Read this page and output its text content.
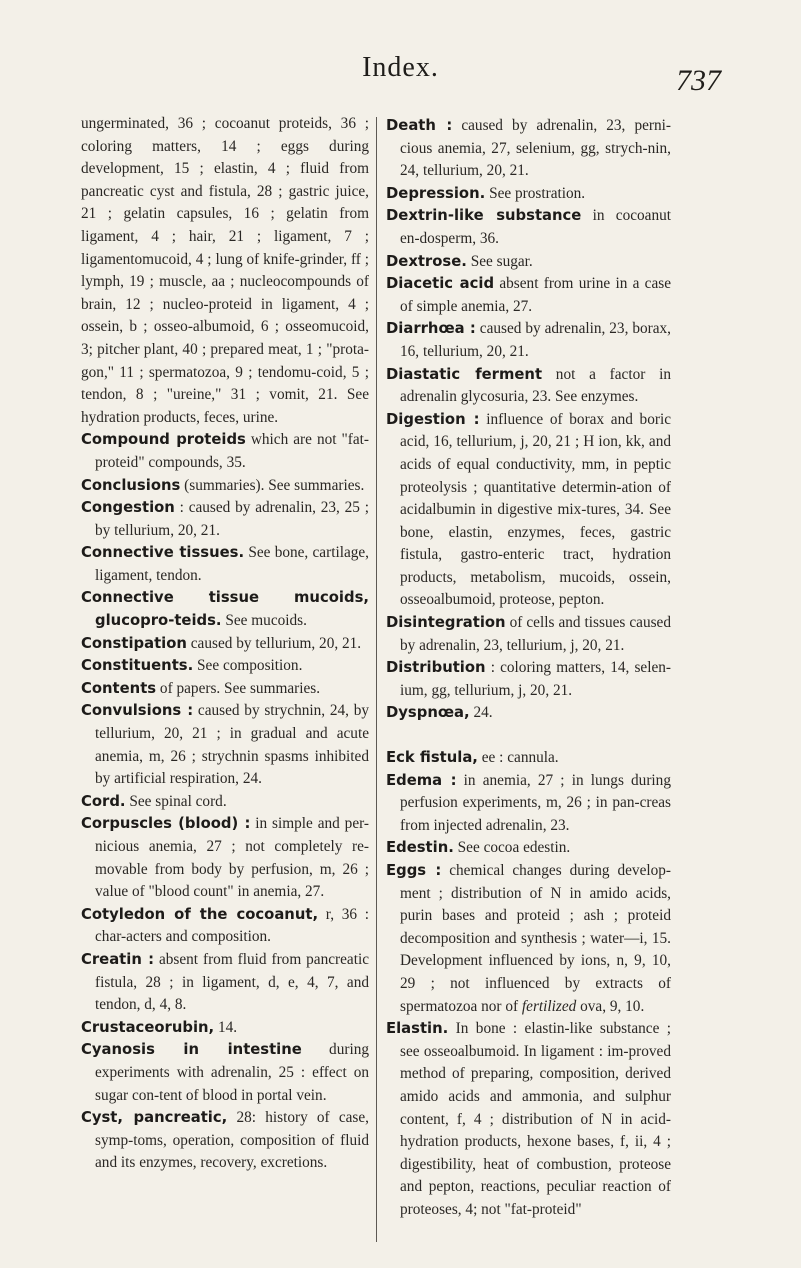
Index.	737

ungerminated, 36 ; cocoanut proteids, 36 ; coloring matters, 14 ; eggs during development, 15 ; elastin, 4 ; fluid from pancreatic cyst and fistula, 28 ; gastric juice, 21 ; gelatin capsules, 16 ; gelatin from ligament, 4 ; hair, 21 ; ligament, 7 ; ligamentomucoid, 4 ; lung of knife-grinder, ff ; lymph, 19 ; muscle, aa ; nucleocompounds of brain, 12 ; nucleo-proteid in ligament, 4 ; ossein, b ; osseo-albumoid, 6 ; osseomucoid, 3; pitcher plant, 40 ; prepared meat, 1 ; "prota-gon," 11 ; spermatozoa, 9 ; tendomu-coid, 5 ; tendon, 8 ; "ureine," 31 ; vomit, 21. See hydration products, feces, urine.

Compound proteids which are not "fat-proteid" compounds, 35.

Conclusions (summaries). See summaries.

Congestion : caused by adrenalin, 23, 25 ; by tellurium, 20, 21.

Connective tissues. See bone, cartilage, ligament, tendon.

Connective tissue mucoids, glucopro-teids. See mucoids.

Constipation caused by tellurium, 20, 21.

Constituents. See composition.

Contents of papers. See summaries.

Convulsions : caused by strychnin, 24, by tellurium, 20, 21 ; in gradual and acute anemia, m, 26 ; strychnin spasms inhibited by artificial respiration, 24.

Cord. See spinal cord.

Corpuscles (blood) : in simple and per-nicious anemia, 27 ; not completely re-movable from body by perfusion, m, 26 ; value of "blood count" in anemia, 27.

Cotyledon of the cocoanut, r, 36 : char-acters and composition.

Creatin : absent from fluid from pancreatic fistula, 28 ; in ligament, d, e, 4, 7, and tendon, d, 4, 8.

Crustaceorubin, 14.

Cyanosis in intestine during experiments with adrenalin, 25 : effect on sugar con-tent of blood in portal vein.

Cyst, pancreatic, 28: history of case, symp-toms, operation, composition of fluid and its enzymes, recovery, excretions.

Death : caused by adrenalin, 23, perni-cious anemia, 27, selenium, gg, strych-nin, 24, tellurium, 20, 21.

Depression. See prostration.

Dextrin-like substance in cocoanut en-dosperm, 36.

Dextrose. See sugar.

Diacetic acid absent from urine in a case of simple anemia, 27.

Diarrhœa : caused by adrenalin, 23, borax, 16, tellurium, 20, 21.

Diastatic ferment not a factor in adrenalin glycosuria, 23. See enzymes.

Digestion : influence of borax and boric acid, 16, tellurium, j, 20, 21 ; H ion, kk, and acids of equal conductivity, mm, in peptic proteolysis ; quantitative determin-ation of acidalbumin in digestive mix-tures, 34. See bone, elastin, enzymes, feces, gastric fistula, gastro-enteric tract, hydration products, metabolism, mucoids, ossein, osseoalbumoid, proteose, pepton.

Disintegration of cells and tissues caused by adrenalin, 23, tellurium, j, 20, 21.

Distribution : coloring matters, 14, selen-ium, gg, tellurium, j, 20, 21.

Dyspnœa, 24.

Eck fistula, ee : cannula.

Edema : in anemia, 27 ; in lungs during perfusion experiments, m, 26 ; in pan-creas from injected adrenalin, 23.

Edestin. See cocoa edestin.

Eggs : chemical changes during develop-ment ; distribution of N in amido acids, purin bases and proteid ; ash ; proteid decomposition and synthesis ; water—i, 15. Development influenced by ions, n, 9, 10, 29 ; not influenced by extracts of spermatozoa nor of fertilized ova, 9, 10.

Elastin. In bone : elastin-like substance ; see osseoalbumoid. In ligament : im-proved method of preparing, composition, derived amido acids and ammonia, and sulphur content, f, 4 ; distribution of N in acid-hydration products, hexone bases, f, ii, 4 ; digestibility, heat of combustion, proteose and pepton, reactions, peculiar reaction of proteoses, 4; not "fat-proteid"
